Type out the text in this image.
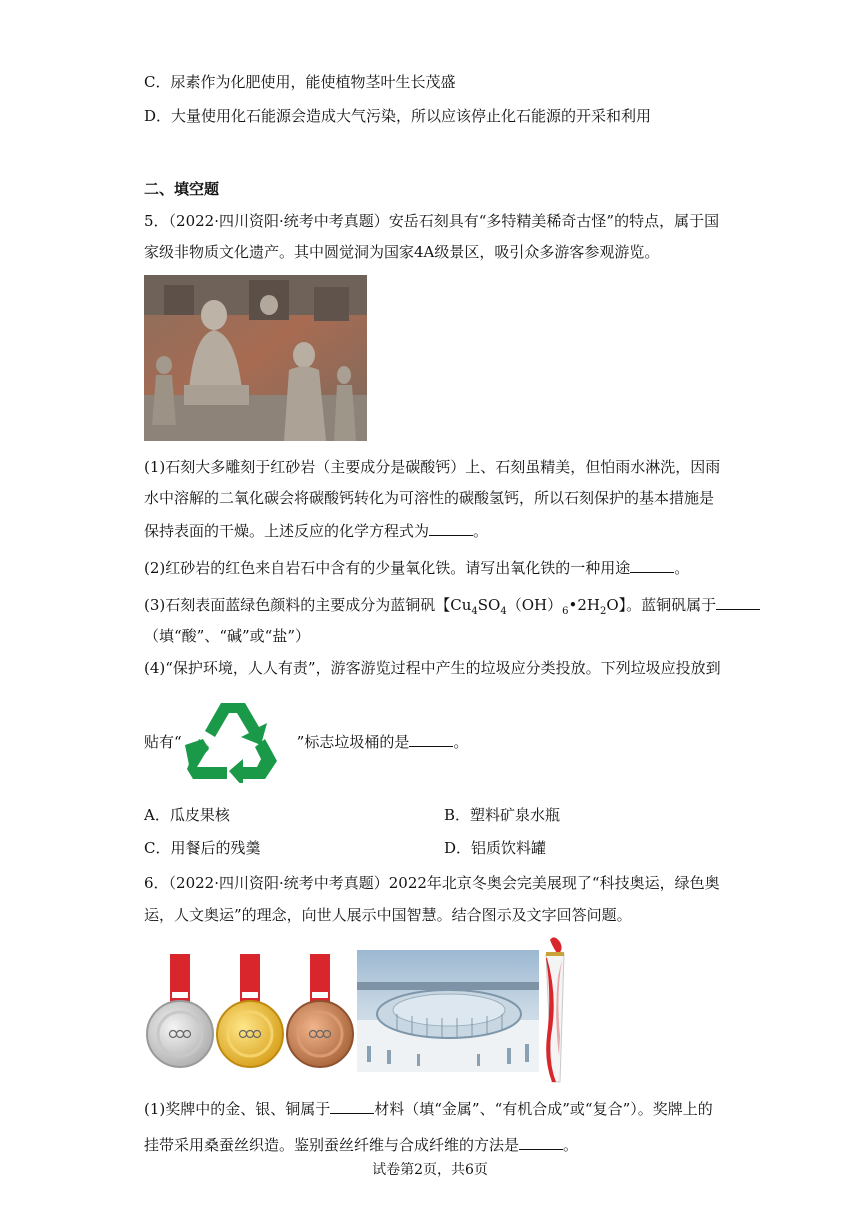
C．尿素作为化肥使用，能使植物茎叶生长茂盛
D．大量使用化石能源会造成大气污染，所以应该停止化石能源的开采和利用
二、填空题
5．（2022·四川资阳·统考中考真题）安岳石刻具有“多特精美稀奇古怪”的特点，属于国
家级非物质文化遗产。其中圆觉洞为国家4A级景区，吸引众多游客参观游览。
(1)石刻大多雕刻于红砂岩（主要成分是碳酸钙）上、石刻虽精美，但怕雨水淋洗，因雨
水中溶解的二氧化碳会将碳酸钙转化为可溶性的碳酸氢钙，所以石刻保护的基本措施是
保持表面的干燥。上述反应的化学方程式为	。
(2)红砂岩的红色来自岩石中含有的少量氧化铁。请写出氧化铁的一种用途	。
(3)石刻表面蓝绿色颜料的主要成分为蓝铜矾【$Cu_4SO_4(OH)_6•2H_2O$】。蓝铜矾属于
（填“酸”、“碱”或“盐”）
(4)“保护环境，人人有责”，游客游览过程中产生的垃圾应分类投放。下列垃圾应投放到
贴有“	”标志垃圾桶的是	。
A．瓜皮果核	B．塑料矿泉水瓶
C．用餐后的残羹	D．铝质饮料罐
6．（2022·四川资阳·统考中考真题）2022年北京冬奥会完美展现了“科技奥运，绿色奥
运，人文奥运”的理念，向世人展示中国智慧。结合图示及文字回答问题。
(1)奖牌中的金、银、铜属于	材料（填“金属”、“有机合成”或“复合”）。奖牌上的
挂带采用桑蚕丝织造。鉴别蚕丝纤维与合成纤维的方法是	。
试卷第2页，共6页
